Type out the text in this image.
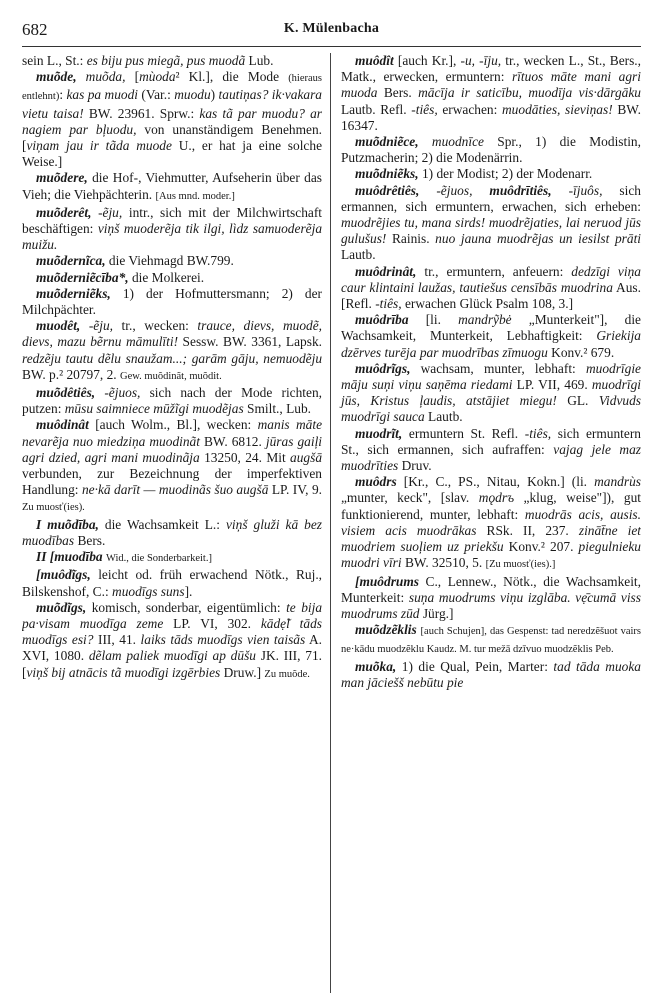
682	K. Mülenbacha

sein L., St.: es biju pus miegã, pus muodã Lub.

muõde, muõda, [mùoda² Kl.], die Mode (hieraus entlehnt): kas pa muodi (Var.: muodu) tautiņas? ik·vakara vietu taisa! BW. 23961. Sprw.: kas tã par muodu? ar nagiem par bļuodu, von unanständigem Benehmen. [viņam jau ir tãda muode U., er hat ja eine solche Weise.]

muõdere, die Hof-, Viehmutter, Aufseherin über das Vieh; die Viehpächterin. [Aus mnd. moder.]

muõderêt, -ẽju, intr., sich mit der Milchwirtschaft beschäftigen: viņš muoderẽja tik ilgi, lìdz samuoderẽja muižu.

muõdernĩca, die Viehmagd BW.799.

muõderniẽcība*, die Molkerei.

muõderniẽks, 1) der Hofmuttersmann; 2) der Milchpächter.

muodêt, -ẽju, tr., wecken: trauce, dievs, muodẽ, dievs, mazu bẽrnu māmulīti! Sessw. BW. 3361, Lapsk. redzẽju tautu dẽlu snaužam...; garām gāju, nemuodẽju BW. p.² 20797, 2. Gew. muõdinãt, muõdit.

muõdêtiês, -ẽjuos, sich nach der Mode richten, putzen: mūsu saimniece mūžĩgi muodẽjas Smilt., Lub.

muôdinât [auch Wolm., Bl.], wecken: manis māte nevarẽja nuo miedziņa muodinãt BW. 6812. jūras gaiļi agri dzied, agri mani muodinãja 13250, 24. Mit augšā verbunden, zur Bezeichnung der imperfektiven Handlung: ne·kā darīt — muodinãs šuo augšā LP. IV, 9. Zu muosť(ies).

I muõdība, die Wachsamkeit L.: viņš gluži kā bez muodības Bers.

II [muodība Wid., die Sonderbarkeit.]

[muôdĩgs, leicht od. früh erwachend Nötk., Ruj., Bilskenshof, C.: muodīgs suns].

muõdĩgs, komisch, sonderbar, eigentümlich: te bija pa·visam muodīga zeme LP. VI, 302. kādẹ̃l tāds muodīgs esi? III, 41. laiks tāds muodīgs vien taisãs A. XVI, 1080. dẽlam paliek muodīgi ap dūšu JK. III, 71. [viņš bij atnācis tã muodīgi izgērbies Druw.] Zu muõde.

muôdît [auch Kr.], -u, -īju, tr., wecken L., St., Bers., Matk., erwecken, ermuntern: rītuos māte mani agri muoda Bers. mācīja ir saticību, muodīja vis·dārgāku Lautb. Refl. -tiês, erwachen: muodāties, sieviņas! BW. 16347.

muõdniẽce, muodnīce Spr., 1) die Modistin, Putzmacherin; 2) die Modenärrin.

muõdniẽks, 1) der Modist; 2) der Modenarr.

muôdrêtiês, -ẽjuos, muôdrītiês, -īјuôs, sich ermannen, sich ermuntern, erwachen, sich erheben: muodrẽjies tu, mana sirds! muodrẽjaties, lai neruod jūs gulušus! Rainis. nuo jauna muodrẽjas un iesilst prāti Lautb.

muôdrinât, tr., ermuntern, anfeuern: dedzīgi viņa caur klintaini laužas, tautiešus censībās muodrina Aus. [Refl. -tiês, erwachen Glück Psalm 108, 3.]

muôdrība [li. mandrỹbė „Munterkeit"], die Wachsamkeit, Munterkeit, Lebhaftigkeit: Griekija dzērves turēja par muodrības zīmuogu Konv.² 679.

muôdrĩgs, wachsam, munter, lebhaft: muodrīgie māju suņi viņu saņēma riedami LP. VII, 469. muodrīgi jūs, Kristus ļaudis, atstājiet miegu! GL. Vidvuds muodrīgi sauca Lautb.

muodrĩt, ermuntern St. Refl. -tiês, sich ermuntern St., sich ermannen, sich aufraffen: vajag jele maz muodrīties Druv.

muôdrs [Kr., C., PS., Nitau, Kokn.] (li. mandrùs „munter, keck", [slav. mǫdrъ „klug, weise"]), gut funktionierend, munter, lebhaft: muodrās acis, ausis. visiem acis muodrākas RSk. II, 237. zināt̄ne iet muodriem suoļiem uz priekšu Konv.² 207. piegulnieku muodri vīri BW. 32510, 5. [Zu muosť(ies).]

[muôdrums C., Lennew., Nötk., die Wachsamkeit, Munterkeit: suņa muodrums viņu izglāba. vẹ̄cumā viss muodrums zūd Jürg.]

muõdzẽklis [auch Schujen], das Gespenst: tad neredzẽšuot vairs ne·kādu muodzẽklu Kaudz. M. tur mežā dzīvuo muodzẽklis Peb.

muõka, 1) die Qual, Pein, Marter: tad tāda muoka man jāciešš nebūtu pie
